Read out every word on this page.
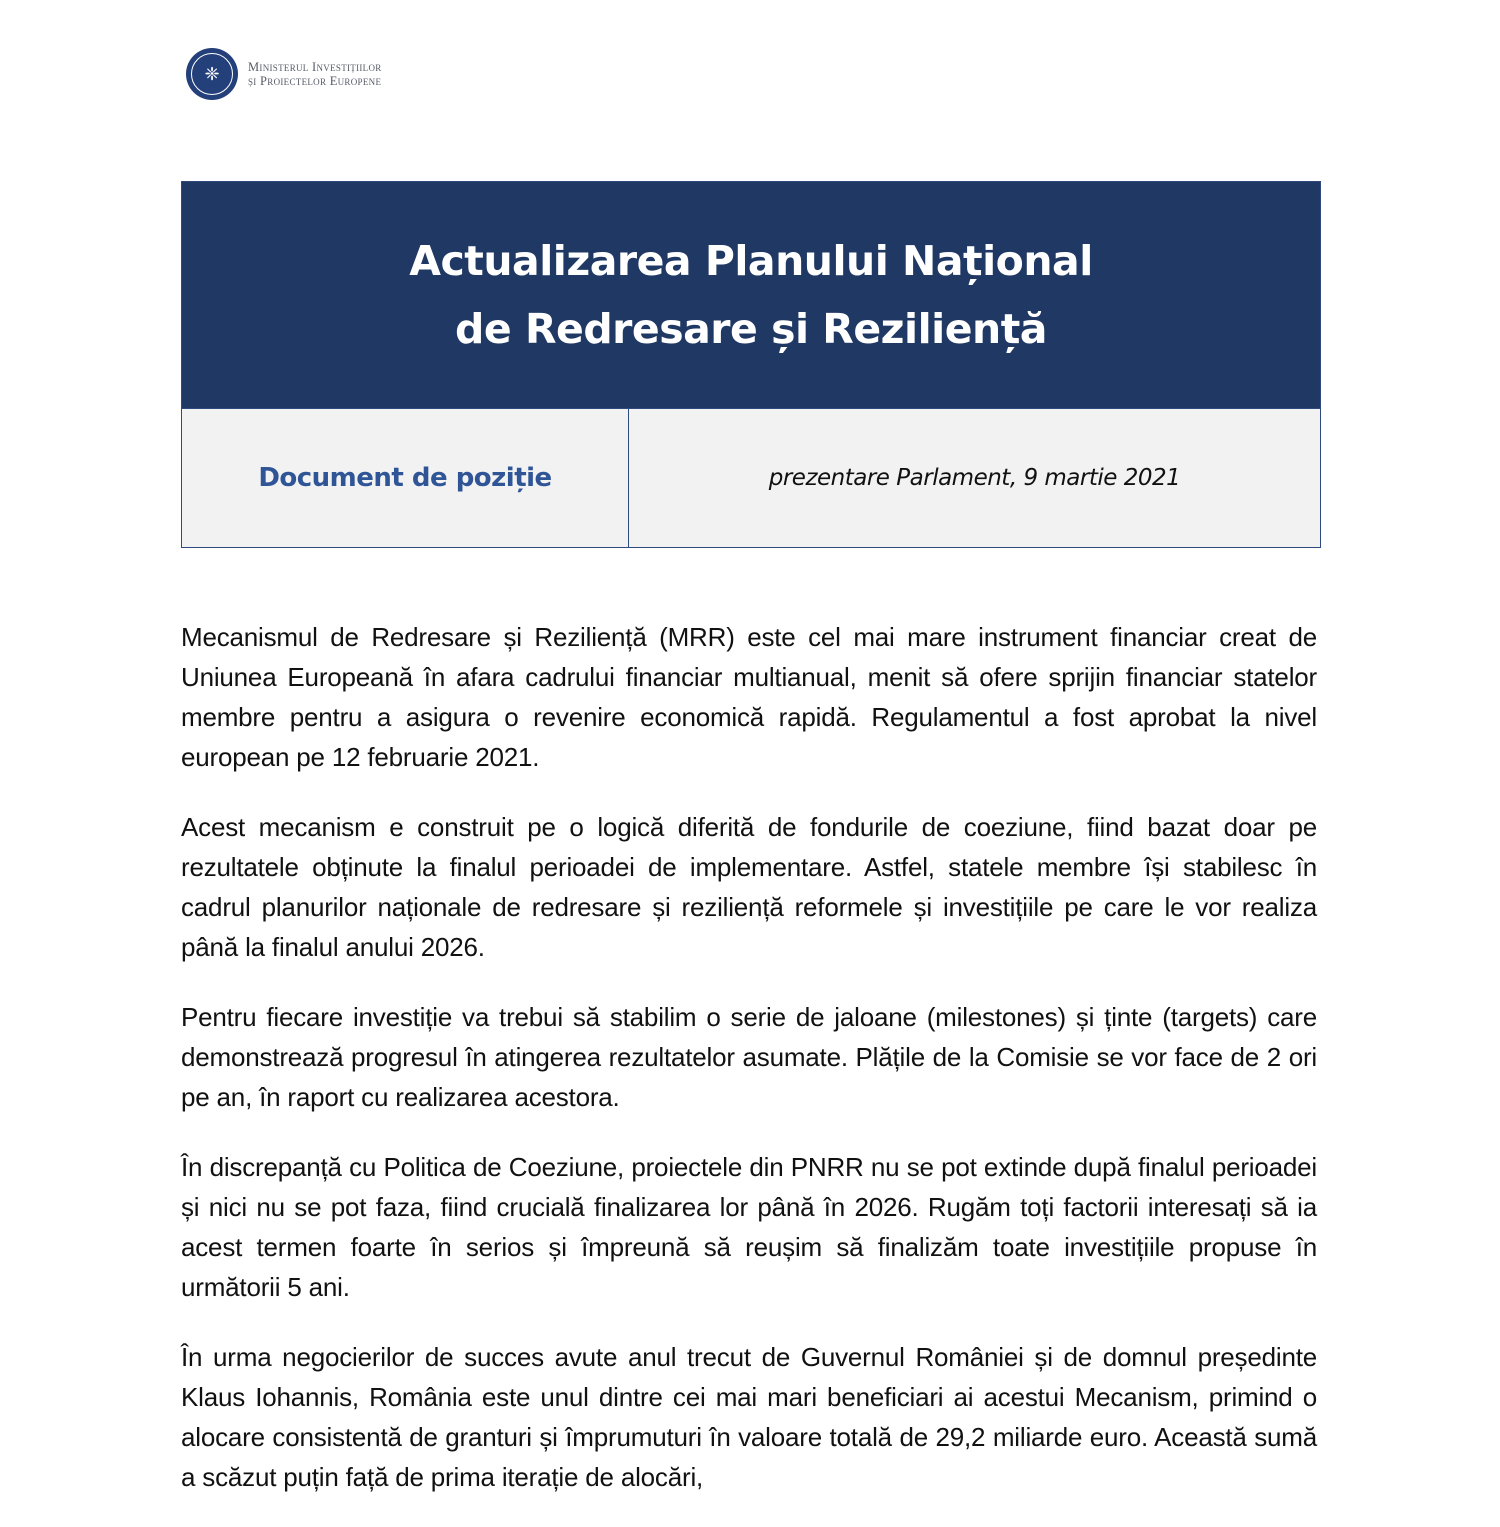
❈ Ministerul Investițiilor
și Proiectelor Europene
Actualizarea Planului Național
de Redresare și Reziliență
Document de poziție	prezentare Parlament, 9 martie 2021

Mecanismul de Redresare și Reziliență (MRR) este cel mai mare instrument financiar creat de Uniunea Europeană în afara cadrului financiar multianual, menit să ofere sprijin financiar statelor membre pentru a asigura o revenire economică rapidă. Regulamentul a fost aprobat la nivel european pe 12 februarie 2021.

Acest mecanism e construit pe o logică diferită de fondurile de coeziune, fiind bazat doar pe rezultatele obținute la finalul perioadei de implementare. Astfel, statele membre își stabilesc în cadrul planurilor naționale de redresare și reziliență reformele și investițiile pe care le vor realiza până la finalul anului 2026.

Pentru fiecare investiție va trebui să stabilim o serie de jaloane (milestones) și ținte (targets) care demonstrează progresul în atingerea rezultatelor asumate. Plățile de la Comisie se vor face de 2 ori pe an, în raport cu realizarea acestora.

În discrepanță cu Politica de Coeziune, proiectele din PNRR nu se pot extinde după finalul perioadei și nici nu se pot faza, fiind crucială finalizarea lor până în 2026. Rugăm toți factorii interesați să ia acest termen foarte în serios și împreună să reușim să finalizăm toate investițiile propuse în următorii 5 ani.

În urma negocierilor de succes avute anul trecut de Guvernul României și de domnul președinte Klaus Iohannis, România este unul dintre cei mai mari beneficiari ai acestui Mecanism, primind o alocare consistentă de granturi și împrumuturi în valoare totală de 29,2 miliarde euro. Această sumă a scăzut puțin față de prima iterație de alocări,
